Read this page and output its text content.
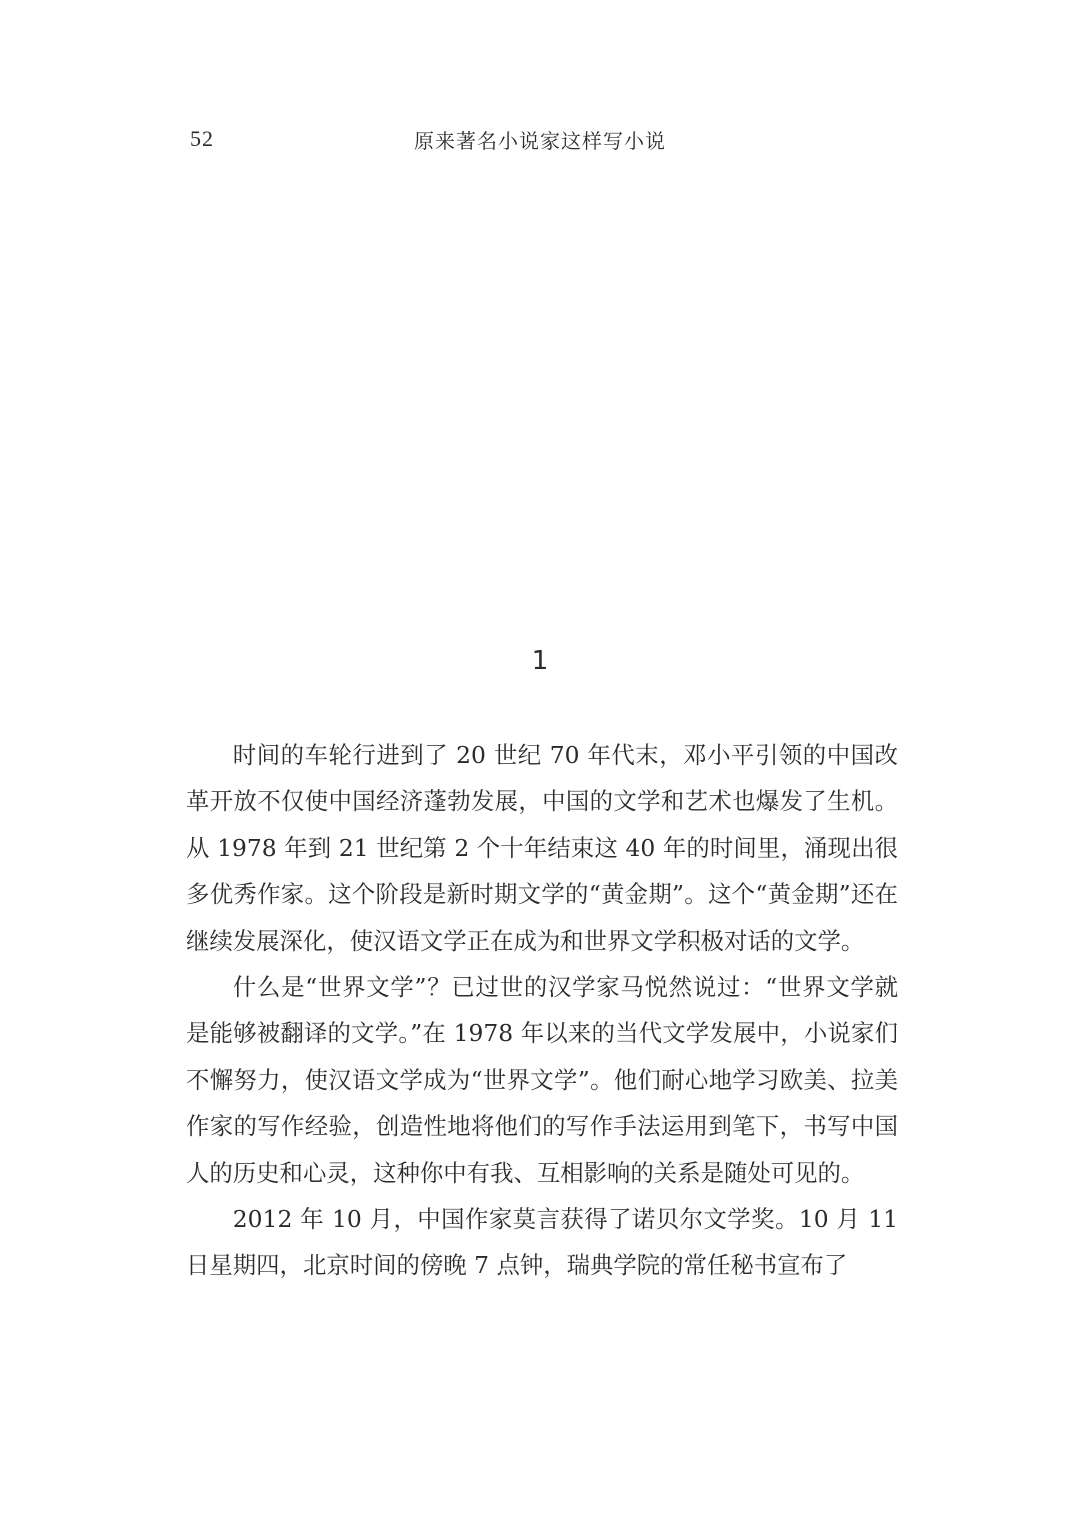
52	原来著名小说家这样写小说
1

时间的车轮行进到了 20 世纪 70 年代末，邓小平引领的中国改革开放不仅使中国经济蓬勃发展，中国的文学和艺术也爆发了生机。从 1978 年到 21 世纪第 2 个十年结束这 40 年的时间里，涌现出很多优秀作家。这个阶段是新时期文学的“黄金期”。这个“黄金期”还在继续发展深化，使汉语文学正在成为和世界文学积极对话的文学。

什么是“世界文学”？已过世的汉学家马悦然说过：“世界文学就是能够被翻译的文学。”在 1978 年以来的当代文学发展中，小说家们不懈努力，使汉语文学成为“世界文学”。他们耐心地学习欧美、拉美作家的写作经验，创造性地将他们的写作手法运用到笔下，书写中国人的历史和心灵，这种你中有我、互相影响的关系是随处可见的。

2012 年 10 月，中国作家莫言获得了诺贝尔文学奖。10 月 11 日星期四，北京时间的傍晚 7 点钟，瑞典学院的常任秘书宣布了
